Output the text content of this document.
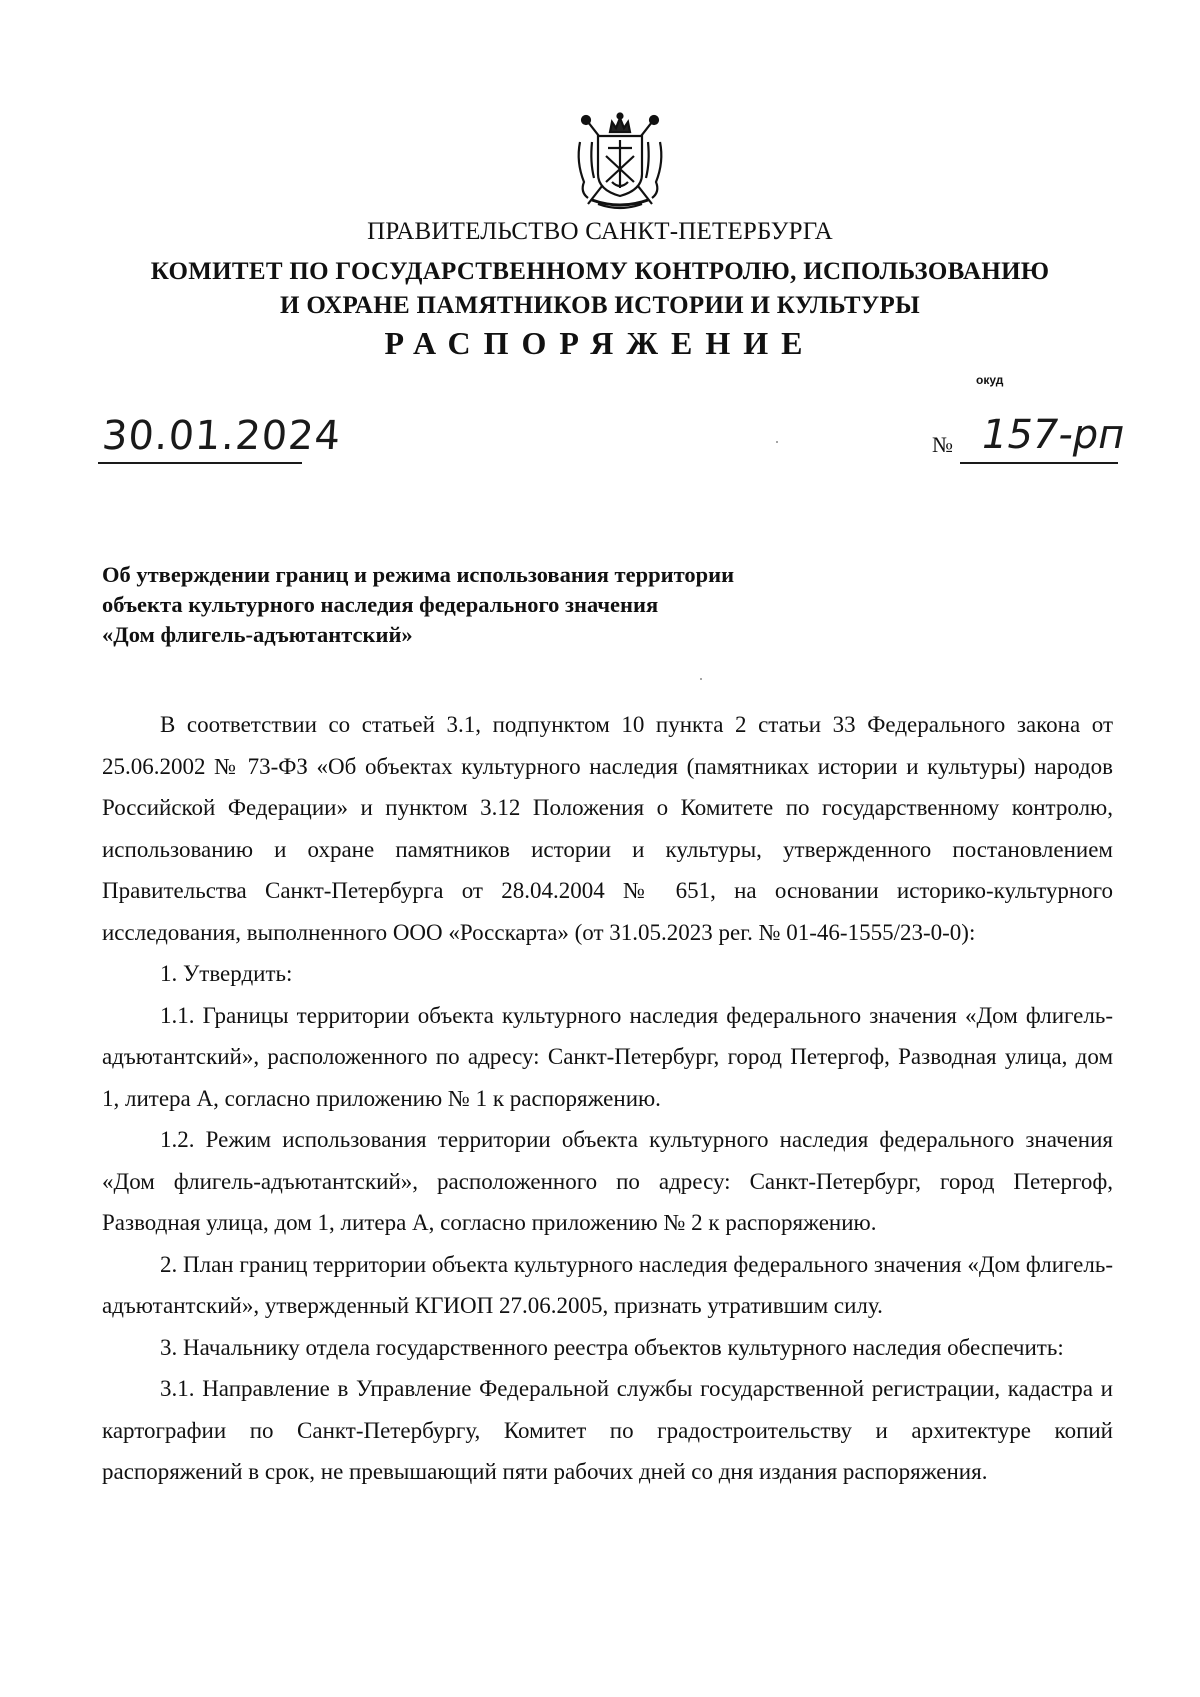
ПРАВИТЕЛЬСТВО САНКТ-ПЕТЕРБУРГА
КОМИТЕТ ПО ГОСУДАРСТВЕННОМУ КОНТРОЛЮ, ИСПОЛЬЗОВАНИЮ
И ОХРАНЕ ПАМЯТНИКОВ ИСТОРИИ И КУЛЬТУРЫ
РАСПОРЯЖЕНИЕ
окуд
30.01.2024	№ 157-рп
Об утверждении границ и режима использования территории
объекта культурного наследия федерального значения
«Дом флигель-адъютантский»

В соответствии со статьей 3.1, подпунктом 10 пункта 2 статьи 33 Федерального закона от 25.06.2002 № 73-ФЗ «Об объектах культурного наследия (памятниках истории и культуры) народов Российской Федерации» и пунктом 3.12 Положения о Комитете по государственному контролю, использованию и охране памятников истории и культуры, утвержденного постановлением Правительства Санкт-Петербурга от 28.04.2004 № 651, на основании историко-культурного исследования, выполненного ООО «Росскарта» (от 31.05.2023 рег. № 01-46-1555/23-0-0):

1. Утвердить:

1.1. Границы территории объекта культурного наследия федерального значения «Дом флигель-адъютантский», расположенного по адресу: Санкт-Петербург, город Петергоф, Разводная улица, дом 1, литера А, согласно приложению № 1 к распоряжению.

1.2. Режим использования территории объекта культурного наследия федерального значения «Дом флигель-адъютантский», расположенного по адресу: Санкт-Петербург, город Петергоф, Разводная улица, дом 1, литера А, согласно приложению № 2 к распоряжению.

2. План границ территории объекта культурного наследия федерального значения «Дом флигель-адъютантский», утвержденный КГИОП 27.06.2005, признать утратившим силу.

3. Начальнику отдела государственного реестра объектов культурного наследия обеспечить:

3.1. Направление в Управление Федеральной службы государственной регистрации, кадастра и картографии по Санкт-Петербургу, Комитет по градостроительству и архитектуре копий распоряжений в срок, не превышающий пяти рабочих дней со дня издания распоряжения.
